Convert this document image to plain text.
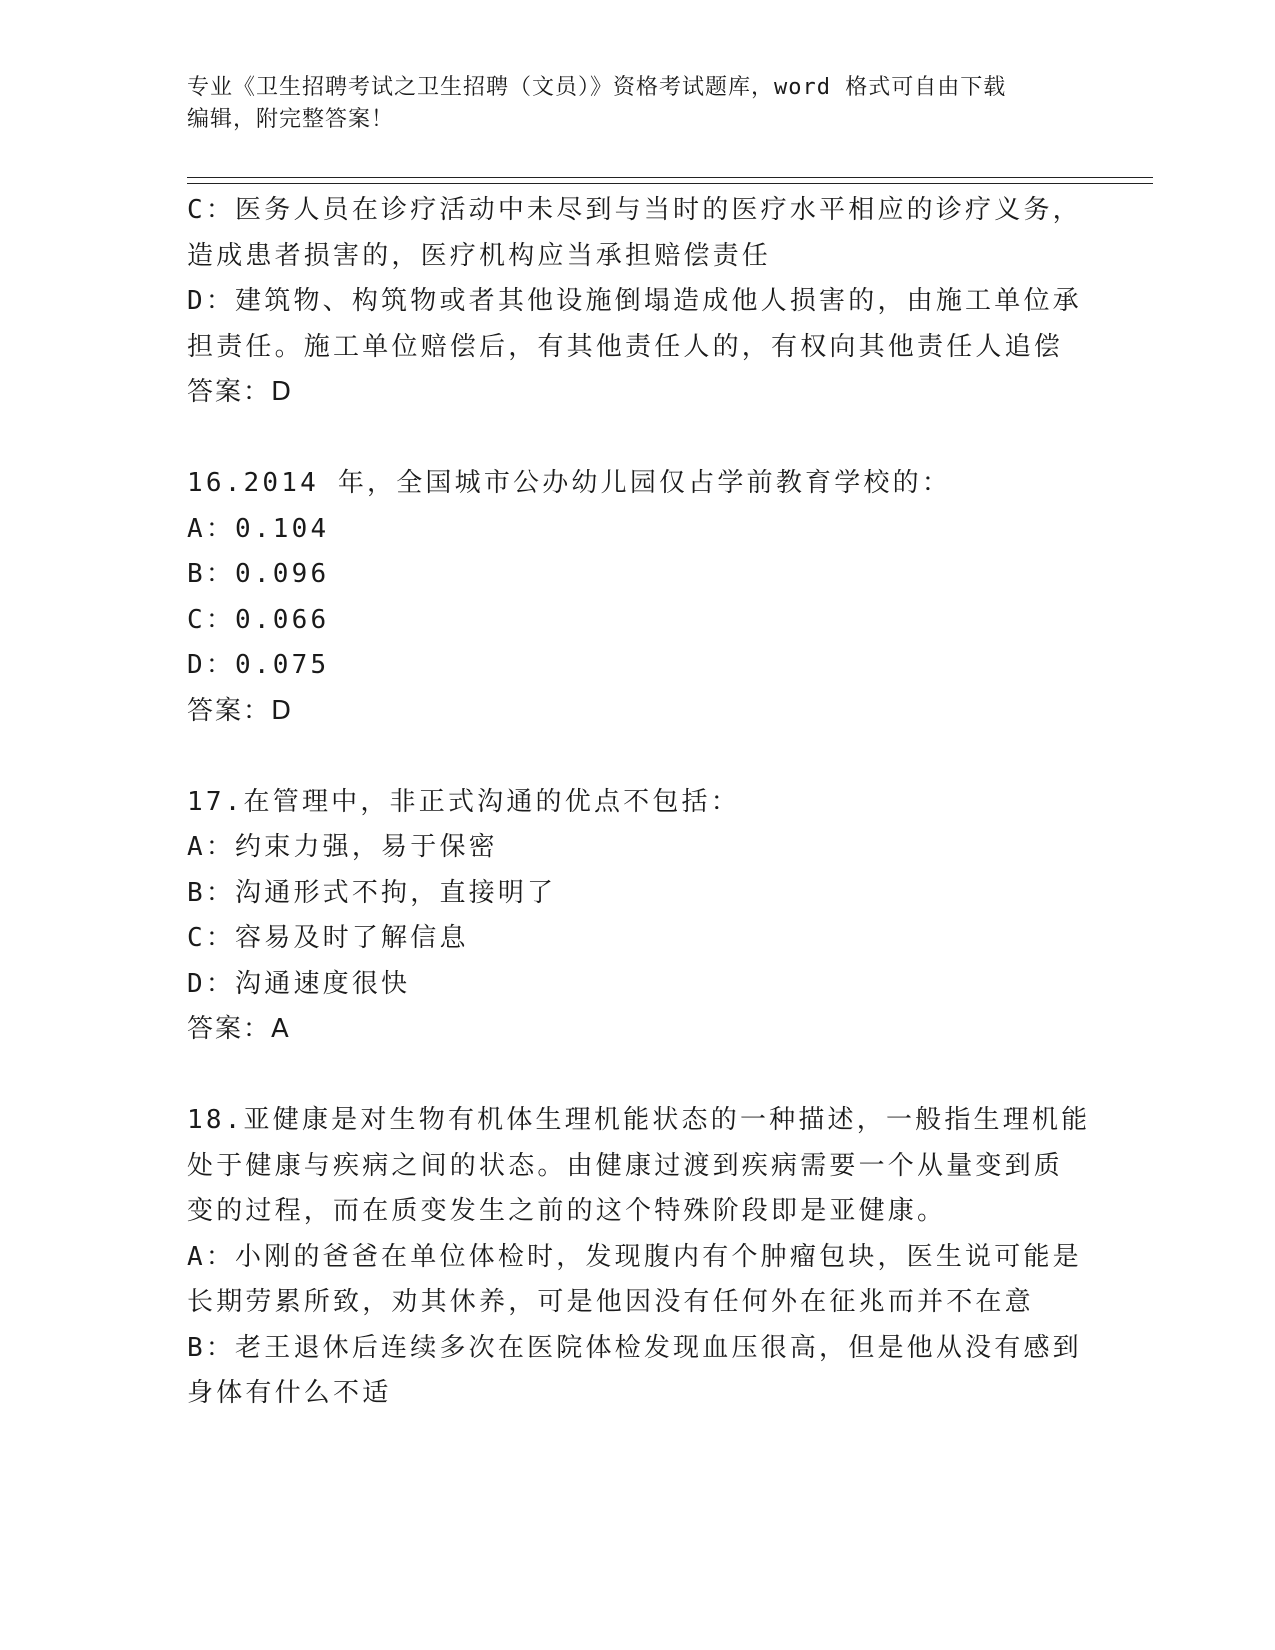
专业《卫生招聘考试之卫生招聘（文员）》资格考试题库，word 格式可自由下载
编辑，附完整答案！
C：医务人员在诊疗活动中未尽到与当时的医疗水平相应的诊疗义务，
造成患者损害的，医疗机构应当承担赔偿责任
D：建筑物、构筑物或者其他设施倒塌造成他人损害的，由施工单位承
担责任。施工单位赔偿后，有其他责任人的，有权向其他责任人追偿
答案：D
16.2014 年，全国城市公办幼儿园仅占学前教育学校的：
A：0.104
B：0.096
C：0.066
D：0.075
答案：D
17.在管理中，非正式沟通的优点不包括：
A：约束力强，易于保密
B：沟通形式不拘，直接明了
C：容易及时了解信息
D：沟通速度很快
答案：A
18.亚健康是对生物有机体生理机能状态的一种描述，一般指生理机能
处于健康与疾病之间的状态。由健康过渡到疾病需要一个从量变到质
变的过程，而在质变发生之前的这个特殊阶段即是亚健康。
A：小刚的爸爸在单位体检时，发现腹内有个肿瘤包块，医生说可能是
长期劳累所致，劝其休养，可是他因没有任何外在征兆而并不在意
B：老王退休后连续多次在医院体检发现血压很高，但是他从没有感到
身体有什么不适
